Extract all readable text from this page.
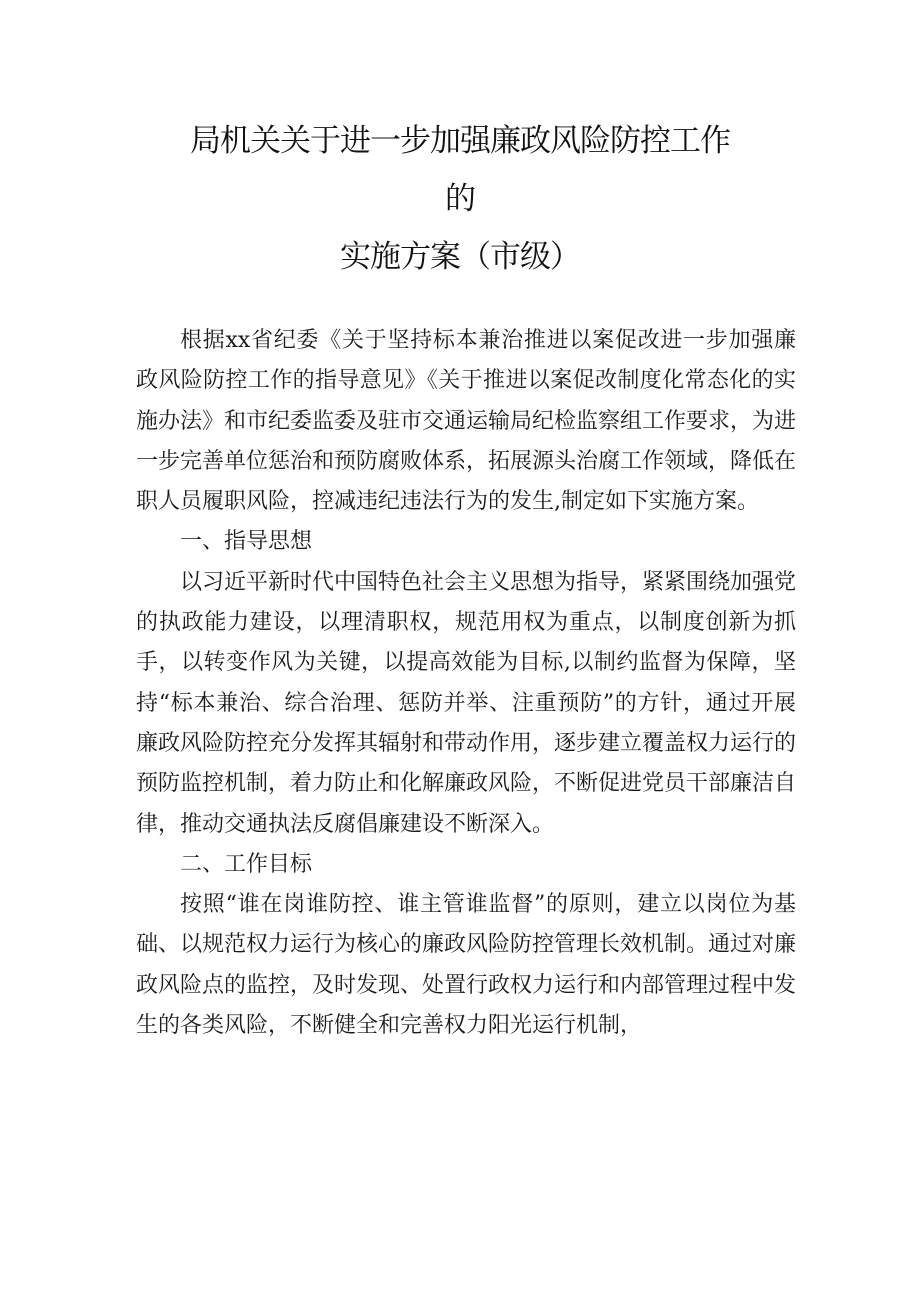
局机关关于进一步加强廉政风险防控工作
的
实施方案（市级）

根据xx省纪委《关于坚持标本兼治推进以案促改进一步加强廉政风险防控工作的指导意见》《关于推进以案促改制度化常态化的实施办法》和市纪委监委及驻市交通运输局纪检监察组工作要求，为进一步完善单位惩治和预防腐败体系，拓展源头治腐工作领域，降低在职人员履职风险，控减违纪违法行为的发生,制定如下实施方案。

一、指导思想

以习近平新时代中国特色社会主义思想为指导，紧紧围绕加强党的执政能力建设，以理清职权，规范用权为重点，以制度创新为抓手，以转变作风为关键，以提高效能为目标,以制约监督为保障，坚持“标本兼治、综合治理、惩防并举、注重预防”的方针，通过开展廉政风险防控充分发挥其辐射和带动作用，逐步建立覆盖权力运行的预防监控机制，着力防止和化解廉政风险，不断促进党员干部廉洁自律，推动交通执法反腐倡廉建设不断深入。

二、工作目标

按照“谁在岗谁防控、谁主管谁监督”的原则，建立以岗位为基础、以规范权力运行为核心的廉政风险防控管理长效机制。通过对廉政风险点的监控，及时发现、处置行政权力运行和内部管理过程中发生的各类风险，不断健全和完善权力阳光运行机制，
